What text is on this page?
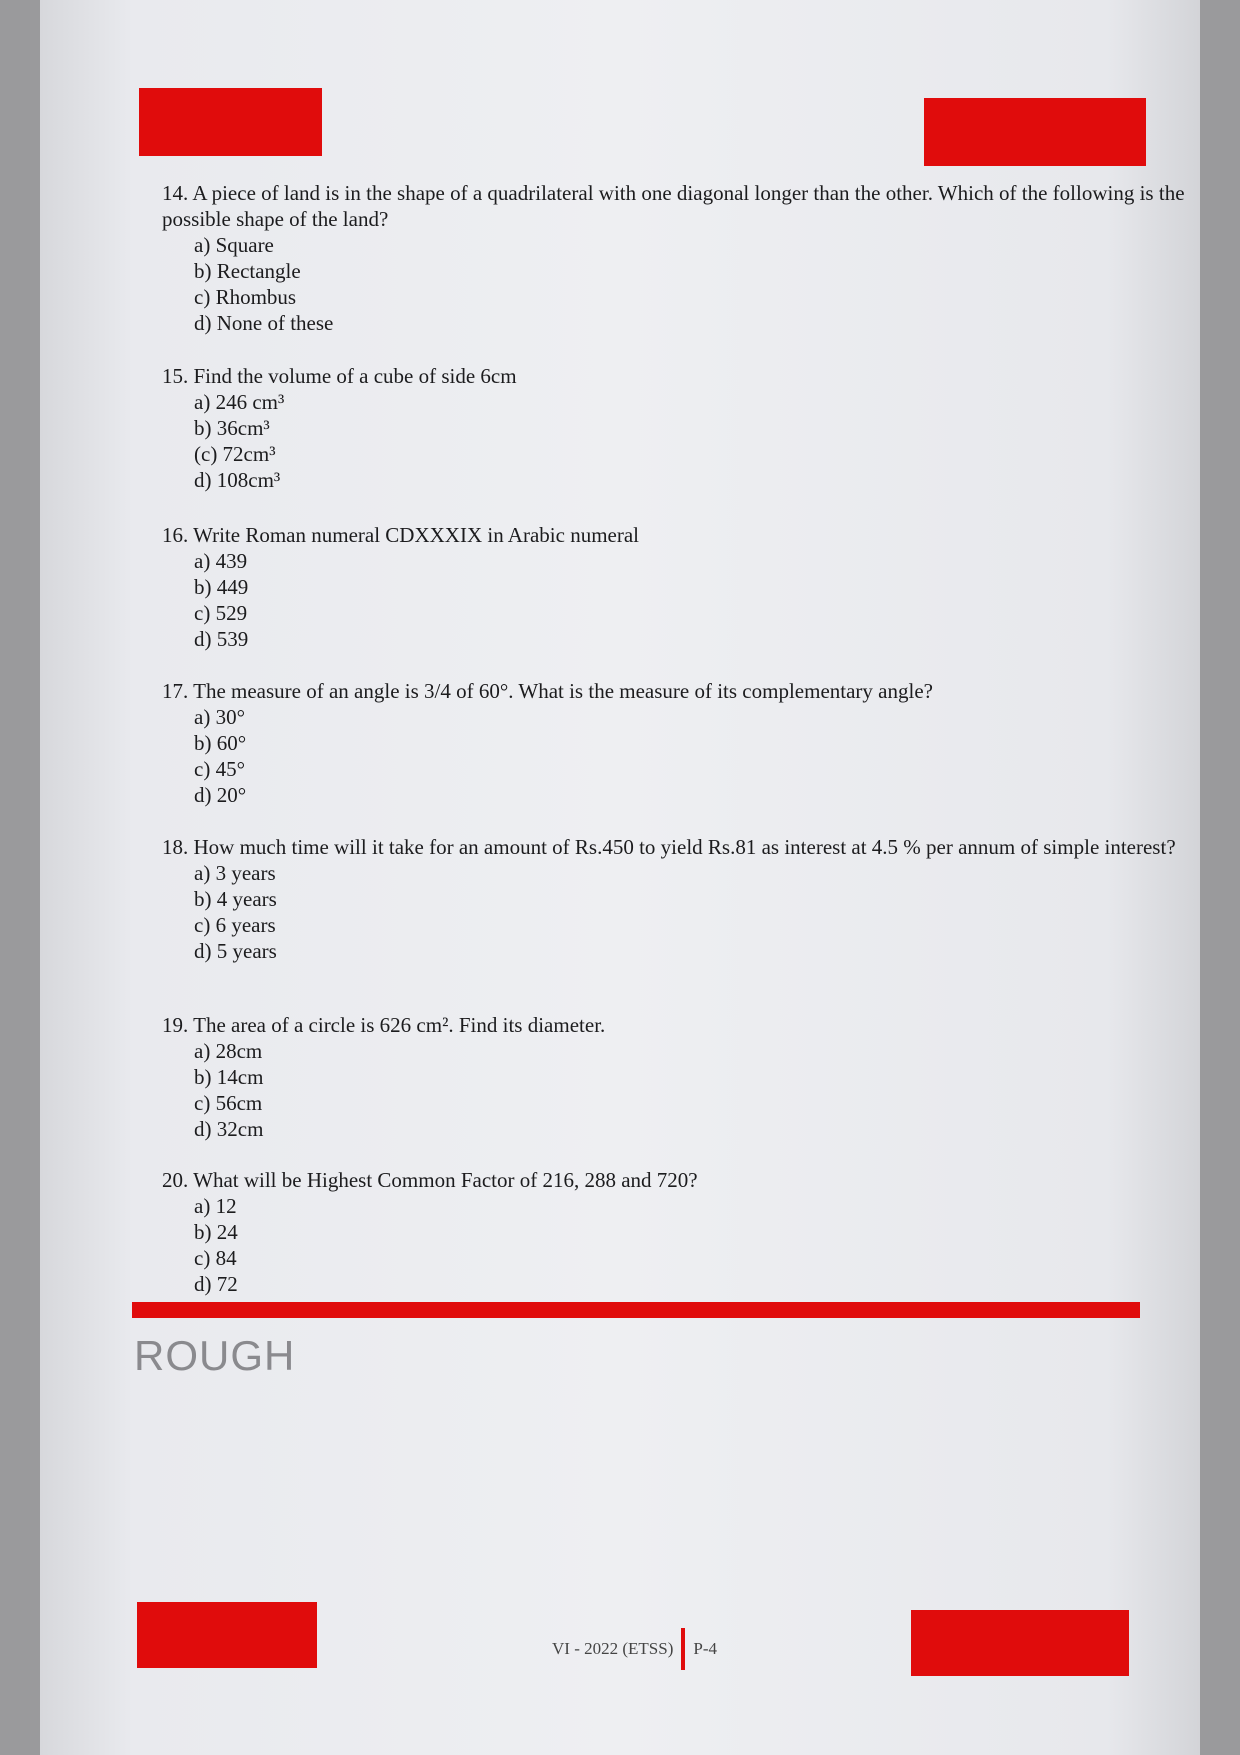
14. A piece of land is in the shape of a quadrilateral with one diagonal longer than the other. Which of the following is the possible shape of the land?

a) Square
b) Rectangle
c) Rhombus
d) None of these

15. Find the volume of a cube of side 6cm

a) 246 cm³
b) 36cm³
(c) 72cm³
d) 108cm³

16. Write Roman numeral CDXXXIX in Arabic numeral

a) 439
b) 449
c) 529
d) 539

17. The measure of an angle is 3/4 of 60°. What is the measure of its complementary angle?

a) 30°
b) 60°
c) 45°
d) 20°

18. How much time will it take for an amount of Rs.450 to yield Rs.81 as interest at 4.5 % per annum of simple interest?

a) 3 years
b) 4 years
c) 6 years
d) 5 years

19. The area of a circle is 626 cm². Find its diameter.

a) 28cm
b) 14cm
c) 56cm
d) 32cm

20. What will be Highest Common Factor of 216, 288 and 720?

a) 12
b) 24
c) 84
d) 72
ROUGH
VI - 2022 (ETSS) P-4
